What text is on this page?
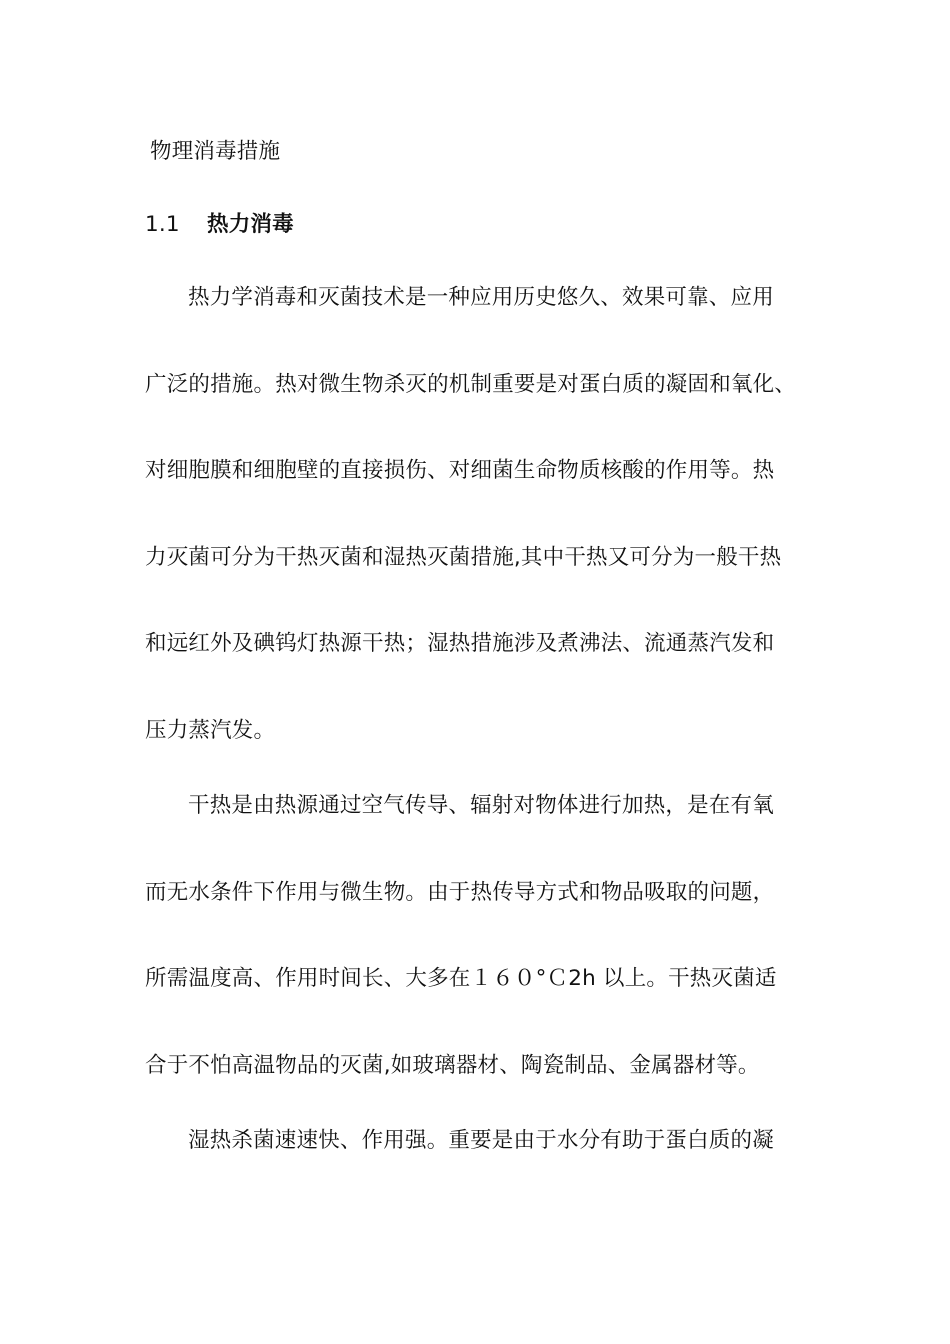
物理消毒措施
1.1 热力消毒
热力学消毒和灭菌技术是一种应用历史悠久、效果可靠、应用
广泛的措施。热对微生物杀灭的机制重要是对蛋白质的凝固和氧化、
对细胞膜和细胞壁的直接损伤、对细菌生命物质核酸的作用等。热
力灭菌可分为干热灭菌和湿热灭菌措施,其中干热又可分为一般干热
和远红外及碘钨灯热源干热；湿热措施涉及煮沸法、流通蒸汽发和
压力蒸汽发。
干热是由热源通过空气传导、辐射对物体进行加热，是在有氧
而无水条件下作用与微生物。由于热传导方式和物品吸取的问题，
所需温度高、作用时间长、大多在１６０°Ｃ2h 以上。干热灭菌适
合于不怕高温物品的灭菌,如玻璃器材、陶瓷制品、金属器材等。
湿热杀菌速速快、作用强。重要是由于水分有助于蛋白质的凝
